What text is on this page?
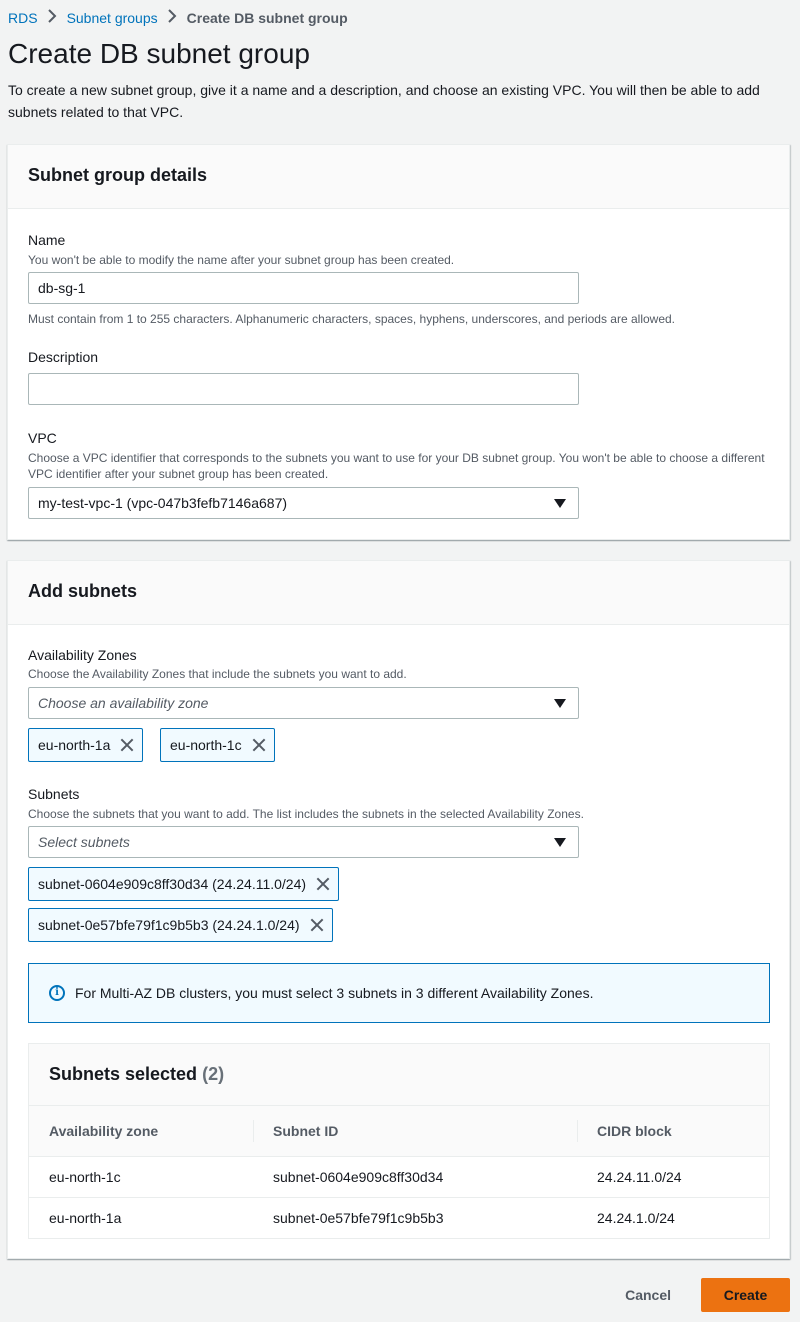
RDS Subnet groups Create DB subnet group
Create DB subnet group

To create a new subnet group, give it a name and a description, and choose an existing VPC. You will then be able to add subnets related to that VPC.

Subnet group details
Name
You won't be able to modify the name after your subnet group has been created.
db-sg-1
Must contain from 1 to 255 characters. Alphanumeric characters, spaces, hyphens, underscores, and periods are allowed.
Description
VPC
Choose a VPC identifier that corresponds to the subnets you want to use for your DB subnet group. You won't be able to choose a different VPC identifier after your subnet group has been created.
my-test-vpc-1 (vpc-047b3fefb7146a687)
Add subnets
Availability Zones
Choose the Availability Zones that include the subnets you want to add.
Choose an availability zone
eu-north-1a	eu-north-1c
Subnets
Choose the subnets that you want to add. The list includes the subnets in the selected Availability Zones.
Select subnets
subnet-0604e909c8ff30d34 (24.24.11.0/24)
subnet-0e57bfe79f1c9b5b3 (24.24.1.0/24)
i	For Multi-AZ DB clusters, you must select 3 subnets in 3 different Availability Zones.
Subnets selected (2)
Availability zone	Subnet ID	CIDR block
eu-north-1c	subnet-0604e909c8ff30d34	24.24.11.0/24
eu-north-1a	subnet-0e57bfe79f1c9b5b3	24.24.1.0/24
Cancel	Create
